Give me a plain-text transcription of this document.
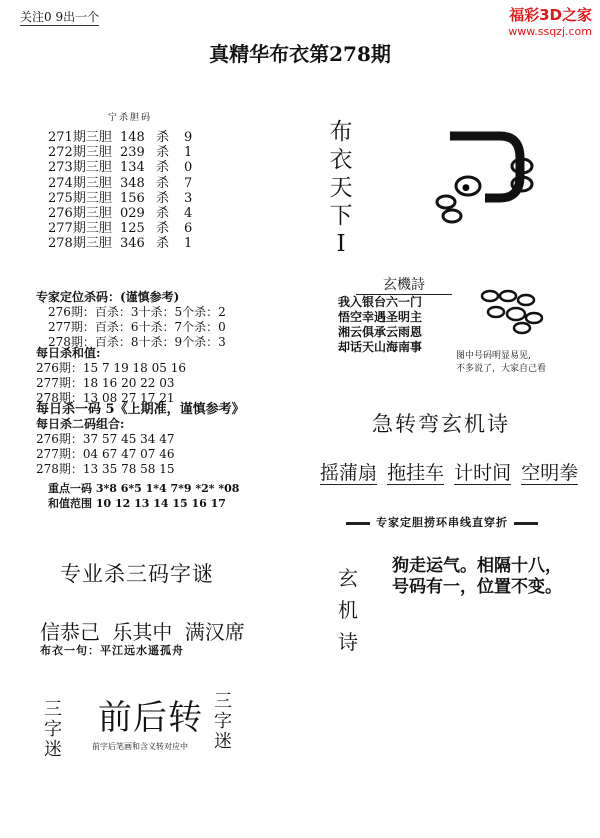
关注0 9出一个	福彩3D之家
www.ssqzj.com
真精华布衣第278期
宁杀胆码
271期三胆 148 杀 9
272期三胆 239 杀 1
273期三胆 134 杀 0
274期三胆 348 杀 7
275期三胆 156 杀 3
276期三胆 029 杀 4
277期三胆 125 杀 6
278期三胆 346 杀 1
专家定位杀码：(谨慎参考)
276期：百杀：3十杀：5个杀：2
277期：百杀：6十杀：7个杀：0
278期：百杀：8十杀：9个杀：3
每日杀和值:
276期：15 7 19 18 05 16
277期：18 16 20 22 03
278期：13 08 27 17 21
每日杀一码 5《上期准，谨慎参考》
每日杀二码组合:
276期：37 57 45 34 47
277期：04 67 47 07 46
278期：13 35 78 58 15
重点一码 3*8 6*5 1*4 7*9 *2* *08
和值范围 10 12 13 14 15 16 17
专业杀三码字谜
信恭己 乐其中 满汉席
布衣一句：平江远水遥孤舟
三字迷
前后转
前字后笔画和含义转对应中
三字迷
布衣天下I
●
玄機詩
我入银台六一门
悟空幸遇圣明主
湘云俱承云雨恩
却话天山海南事
图中号码明显易见,
不多说了，大家自己看
急转弯玄机诗
摇蒲扇 拖挂车 计时间 空明拳
专家定胆捞环串线直穿折
玄机诗
狗走运气。相隔十八，
号码有一，位置不变。
